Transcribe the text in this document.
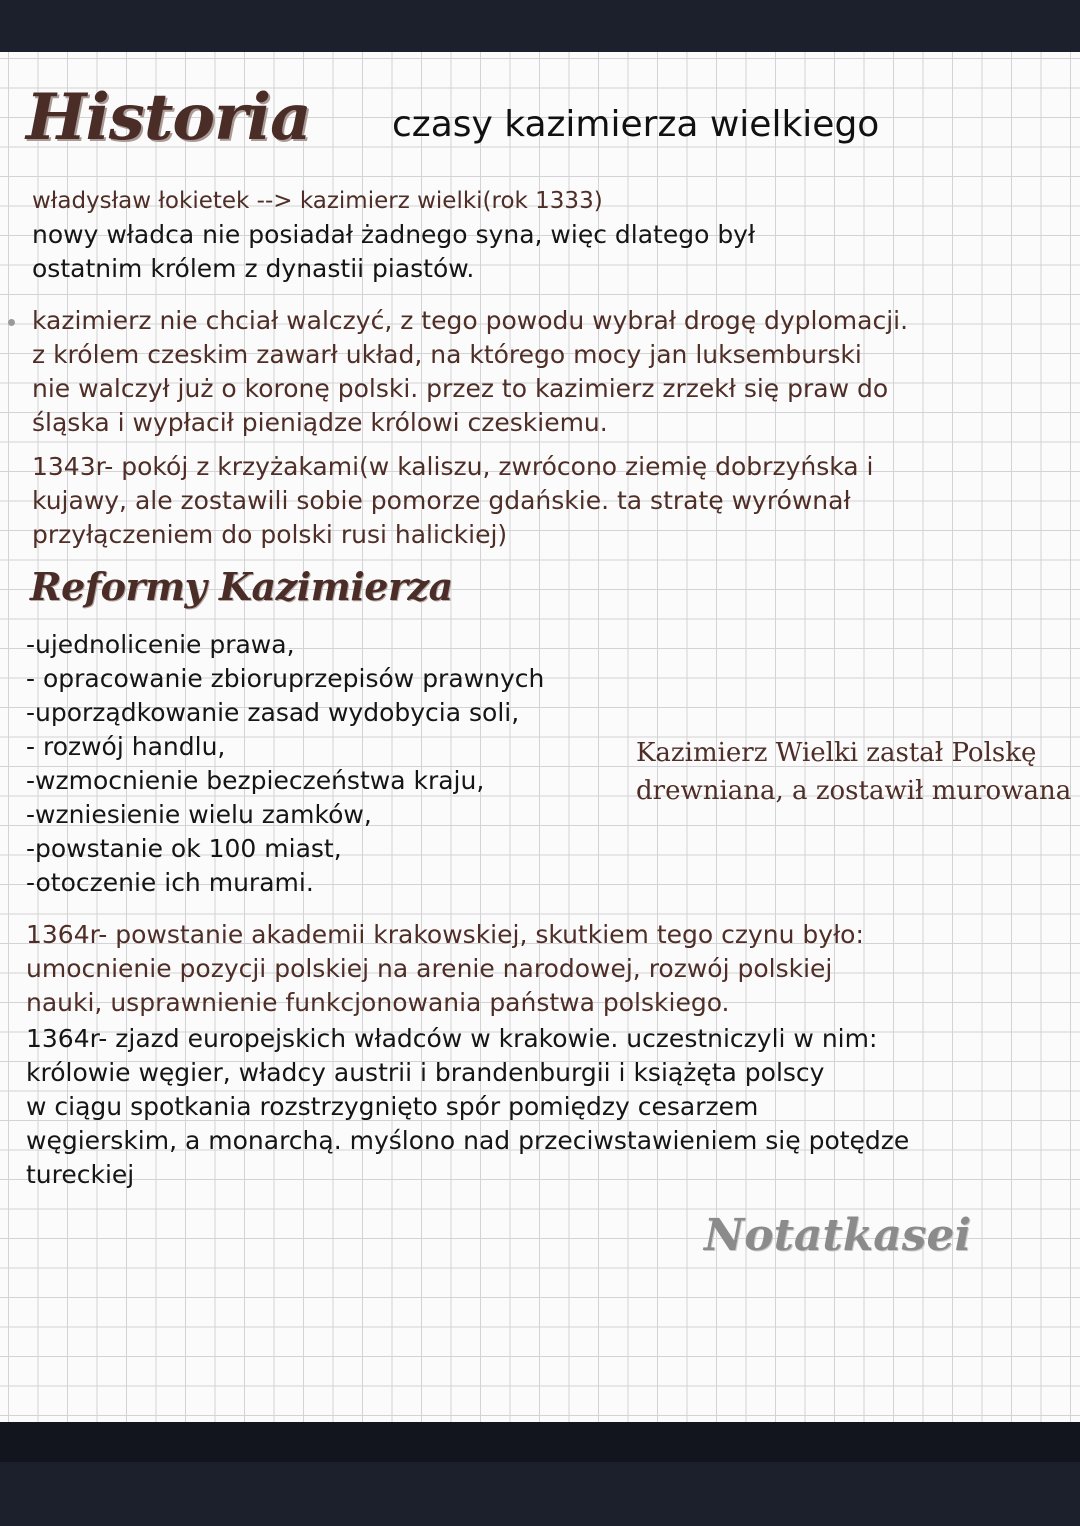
Historia czasy kazimierza wielkiego

władysław łokietek --> kazimierz wielki(rok 1333)
nowy władca nie posiadał żadnego syna, więc dlatego był
ostatnim królem z dynastii piastów.

kazimierz nie chciał walczyć, z tego powodu wybrał drogę dyplomacji.
z królem czeskim zawarł układ, na którego mocy jan luksemburski
nie walczył już o koronę polski. przez to kazimierz zrzekł się praw do
śląska i wypłacił pieniądze królowi czeskiemu.

1343r- pokój z krzyżakami(w kaliszu, zwrócono ziemię dobrzyńska i
kujawy, ale zostawili sobie pomorze gdańskie. ta stratę wyrównał
przyłączeniem do polski rusi halickiej)

Reformy Kazimierza

-ujednolicenie prawa,
- opracowanie zbioruprzepisów prawnych
-uporządkowanie zasad wydobycia soli,
- rozwój handlu,
-wzmocnienie bezpieczeństwa kraju,
-wzniesienie wielu zamków,
-powstanie ok 100 miast,
-otoczenie ich murami.

Kazimierz Wielki zastał Polskę
drewniana, a zostawił murowana

1364r- powstanie akademii krakowskiej, skutkiem tego czynu było:
umocnienie pozycji polskiej na arenie narodowej, rozwój polskiej
nauki, usprawnienie funkcjonowania państwa polskiego.

1364r- zjazd europejskich władców w krakowie. uczestniczyli w nim:
królowie węgier, władcy austrii i brandenburgii i książęta polscy
w ciągu spotkania rozstrzygnięto spór pomiędzy cesarzem
węgierskim, a monarchą. myślono nad przeciwstawieniem się potędze
tureckiej

Notatkasei
